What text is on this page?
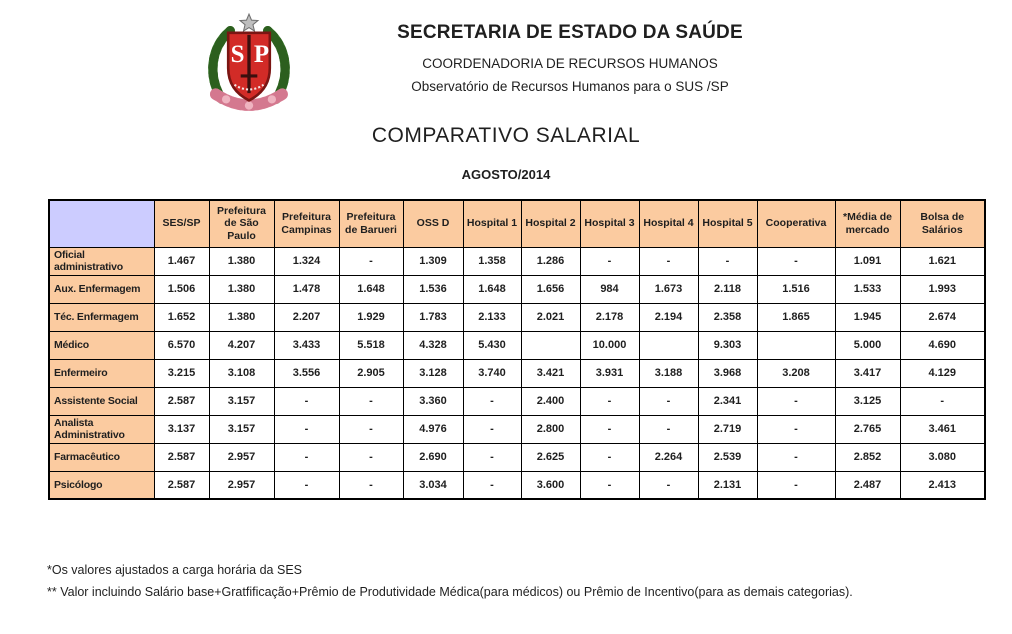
S P
SECRETARIA DE ESTADO DA SAÚDE
COORDENADORIA DE RECURSOS HUMANOS
Observatório de Recursos Humanos para o SUS /SP
COMPARATIVO SALARIAL
AGOSTO/2014
	SES/SP	Prefeitura de São Paulo	Prefeitura Campinas	Prefeitura de Barueri	OSS D	Hospital 1	Hospital 2	Hospital 3	Hospital 4	Hospital 5	Cooperativa	*Média de mercado	Bolsa de Salários
Oficial administrativo	1.467	1.380	1.324	-	1.309	1.358	1.286	-	-	-	-	1.091	1.621
Aux. Enfermagem	1.506	1.380	1.478	1.648	1.536	1.648	1.656	984	1.673	2.118	1.516	1.533	1.993
Téc. Enfermagem	1.652	1.380	2.207	1.929	1.783	2.133	2.021	2.178	2.194	2.358	1.865	1.945	2.674
Médico	6.570	4.207	3.433	5.518	4.328	5.430		10.000		9.303		5.000	4.690
Enfermeiro	3.215	3.108	3.556	2.905	3.128	3.740	3.421	3.931	3.188	3.968	3.208	3.417	4.129
Assistente Social	2.587	3.157	-	-	3.360	-	2.400	-	-	2.341	-	3.125	-
Analista Administrativo	3.137	3.157	-	-	4.976	-	2.800	-	-	2.719	-	2.765	3.461
Farmacêutico	2.587	2.957	-	-	2.690	-	2.625	-	2.264	2.539	-	2.852	3.080
Psicólogo	2.587	2.957	-	-	3.034	-	3.600	-	-	2.131	-	2.487	2.413
*Os valores ajustados a carga horária da SES
** Valor incluindo Salário base+Gratfificação+Prêmio de Produtividade Médica(para médicos) ou Prêmio de Incentivo(para as demais categorias).
